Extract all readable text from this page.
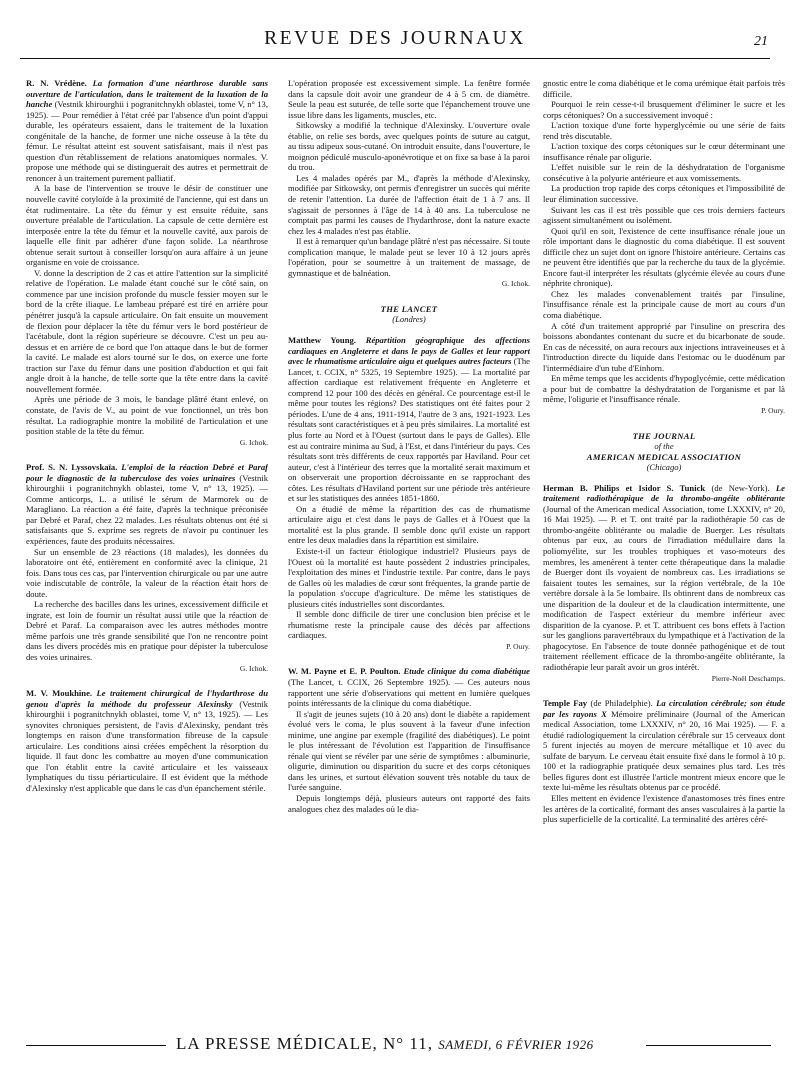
REVUE DES JOURNAUX	21

R. N. Vrédène. La formation d'une néarthrose durable sans ouverture de l'articulation, dans le traitement de la luxation de la hanche (Vestnik khirourghii i pogranitchnykh oblastei, tome V, n° 13, 1925). — Pour remédier à l'état créé par l'absence d'un point d'appui durable, les opérateurs essaient, dans le traitement de la luxation congénitale de la hanche, de former une niche osseuse à la tête du fémur. Le résultat atteint est souvent satisfaisant, mais il n'est pas question d'un rétablissement de relations anatomiques normales. V. propose une méthode qui se distinguerait des autres et permettrait de renoncer à un traitement purement palliatif.

A la base de l'intervention se trouve le désir de constituer une nouvelle cavité cotyloïde à la proximité de l'ancienne, qui est dans un état rudimentaire. La tête du fémur y est ensuite réduite, sans ouverture préalable de l'articulation. La capsule de cette dernière est interposée entre la tête du fémur et la nouvelle cavité, aux parois de laquelle elle finit par adhérer d'une façon solide. La néarthrose obtenue serait surtout à conseiller lorsqu'on aura affaire à un jeune organisme en voie de croissance.

V. donne la description de 2 cas et attire l'attention sur la simplicité relative de l'opération. Le malade étant couché sur le côté sain, on commence par une incision profonde du muscle fessier moyen sur le bord de la crête iliaque. Le lambeau préparé est tiré en arrière pour pénétrer jusqu'à la capsule articulaire. On fait ensuite un mouvement de flexion pour déplacer la tête du fémur vers le bord postérieur de l'acétabule, dont la région supérieure se découvre. C'est un peu au-dessus et en arrière de ce bord que l'on attaque dans le but de former la cavité. Le malade est alors tourné sur le dos, on exerce une forte traction sur l'axe du fémur dans une position d'abduction et qui fait angle droit à la hanche, de telle sorte que la tête entre dans la cavité nouvellement formée.

Après une période de 3 mois, le bandage plâtré étant enlevé, on constate, de l'avis de V., au point de vue fonctionnel, un très bon résultat. La radiographie montre la mobilité de l'articulation et une position stable de la tête du fémur.

G. Ichok.

Prof. S. N. Lyssovskaïa. L'emploi de la réaction Debré et Paraf pour le diagnostic de la tuberculose des voies urinaires (Vestnik khirourghii i pogranitchnykh oblastei, tome V, n° 13, 1925). — Comme anticorps, L. a utilisé le sérum de Marmorek ou de Maragliano. La réaction a été faite, d'après la technique préconisée par Debré et Paraf, chez 22 malades. Les résultats obtenus ont été si satisfaisants que S. exprime ses regrets de n'avoir pu continuer les expériences, faute des produits nécessaires.

Sur un ensemble de 23 réactions (18 malades), les données du laboratoire ont été, entièrement en conformité avec la clinique, 21 fois. Dans tous ces cas, par l'intervention chirurgicale ou par une autre voie indiscutable de contrôle, la valeur de la réaction était hors de doute.

La recherche des bacilles dans les urines, excessivement difficile et ingrate, est loin de fournir un résultat aussi utile que la réaction de Debré et Paraf. La comparaison avec les autres méthodes montre même parfois une très grande sensibilité que l'on ne rencontre point dans les divers procédés mis en pratique pour dépister la tuberculose des voies urinaires.

G. Ichok.

M. V. Moukhine. Le traitement chirurgical de l'hydarthrose du genou d'après la méthode du professeur Alexinsky (Vestnik khirourghii i pogranitchnykh oblastei, tome V, n° 13, 1925). — Les synovites chroniques persistent, de l'avis d'Alexinsky, pendant très longtemps en raison d'une transformation fibreuse de la capsule articulaire. Les conditions ainsi créées empêchent la résorption du liquide. Il faut donc les combattre au moyen d'une communication que l'on établit entre la cavité articulaire et les vaisseaux lymphatiques du tissu périarticulaire. Il est évident que la méthode d'Alexinsky n'est applicable que dans le cas d'un épanchement stérile.

L'opération proposée est excessivement simple. La fenêtre formée dans la capsule doit avoir une grandeur de 4 à 5 cm. de diamètre. Seule la peau est suturée, de telle sorte que l'épanchement trouve une issue libre dans les ligaments, muscles, etc.

Sitkowsky a modifié la technique d'Alexinsky. L'ouverture ovale établie, on relie ses bords, avec quelques points de suture au catgut, au tissu adipeux sous-cutané. On introduit ensuite, dans l'ouverture, le moignon pédiculé musculo-aponévrotique et on fixe sa base à la paroi du trou.

Les 4 malades opérés par M., d'après la méthode d'Alexinsky, modifiée par Sitkowsky, ont permis d'enregistrer un succès qui mérite de retenir l'attention. La durée de l'affection était de 1 à 7 ans. Il s'agissait de personnes à l'âge de 14 à 40 ans. La tuberculose ne comptait pas parmi les causes de l'hydarthrose, dont la nature exacte chez les 4 malades n'est pas établie.

Il est à remarquer qu'un bandage plâtré n'est pas nécessaire. Si toute complication manque, le malade peut se lever 10 à 12 jours après l'opération, pour se soumettre à un traitement de massage, de gymnastique et de balnéation.

G. Ichok.

THE LANCET
(Londres)

Matthew Young. Répartition géographique des affections cardiaques en Angleterre et dans le pays de Galles et leur rapport avec le rhumatisme articulaire aigu et quelques autres facteurs (The Lancet, t. CCIX, n° 5325, 19 Septembre 1925). — La mortalité par affection cardiaque est relativement fréquente en Angleterre et comprend 12 pour 100 des décès en général. Ce pourcentage est-il le même pour toutes les régions? Des statistiques ont été faites pour 2 périodes. L'une de 4 ans, 1911-1914, l'autre de 3 ans, 1921-1923. Les résultats sont caractéristiques et à peu près similaires. La mortalité est plus forte au Nord et à l'Ouest (surtout dans le pays de Galles). Elle est au contraire minima au Sud, à l'Est, et dans l'intérieur du pays. Ces résultats sont très différents de ceux rapportés par Haviland. Pour cet auteur, c'est à l'intérieur des terres que la mortalité serait maximum et on observerait une proportion décroissante en se rapprochant des côtes. Les résultats d'Haviland portent sur une période très antérieure et sur les statistiques des années 1851-1860.

On a étudié de même la répartition des cas de rhumatisme articulaire aigu et c'est dans le pays de Galles et à l'Ouest que la mortalité est la plus grande. Il semble donc qu'il existe un rapport entre les deux maladies dans la répartition est similaire.

Existe-t-il un facteur étiologique industriel? Plusieurs pays de l'Ouest où la mortalité est haute possèdent 2 industries principales, l'exploitation des mines et l'industrie textile. Par contre, dans le pays de Galles où les maladies de cœur sont fréquentes, la grande partie de la population s'occupe d'agriculture. De même les statistiques de plusieurs cités industrielles sont discordantes.

Il semble donc difficile de tirer une conclusion bien précise et le rhumatisme reste la principale cause des décès par affections cardiaques.

P. Oury.

W. M. Payne et E. P. Poulton. Etude clinique du coma diabétique (The Lancet, t. CCIX, 26 Septembre 1925). — Ces auteurs nous rapportent une série d'observations qui mettent en lumière quelques points intéressants de la clinique du coma diabétique.

Il s'agit de jeunes sujets (10 à 20 ans) dont le diabète a rapidement évolué vers le coma, le plus souvent à la faveur d'une infection minime, une angine par exemple (fragilité des diabétiques). Le point le plus intéressant de l'évolution est l'apparition de l'insuffisance rénale qui vient se révéler par une série de symptômes : albuminurie, oligurie, diminution ou disparition du sucre et des corps cétoniques dans les urines, et surtout élévation souvent très notable du taux de l'urée sanguine.

Depuis longtemps déjà, plusieurs auteurs ont rapporté des faits analogues chez des malades où le dia-

gnostic entre le coma diabétique et le coma urémique était parfois très difficile.

Pourquoi le rein cesse-t-il brusquement d'éliminer le sucre et les corps cétoniques? On a successivement invoqué :

L'action toxique d'une forte hyperglycémie ou une série de faits rend très discutable.

L'action toxique des corps cétoniques sur le cœur déterminant une insuffisance rénale par oligurie.

L'effet nuisible sur le rein de la déshydratation de l'organisme consécutive à la polyurie antérieure et aux vomissements.

La production trop rapide des corps cétoniques et l'impossibilité de leur élimination successive.

Suivant les cas il est très possible que ces trois derniers facteurs agissent simultanément ou isolément.

Quoi qu'il en soit, l'existence de cette insuffisance rénale joue un rôle important dans le diagnostic du coma diabétique. Il est souvent difficile chez un sujet dont on ignore l'histoire antérieure. Certains cas ne peuvent être identifiés que par la recherche du taux de la glycémie. Encore faut-il interpréter les résultats (glycémie élevée au cours d'une néphrite chronique).

Chez les malades convenablement traités par l'insuline, l'insuffisance rénale est la principale cause de mort au cours d'un coma diabétique.

A côté d'un traitement approprié par l'insuline on prescrira des boissons abondantes contenant du sucre et du bicarbonate de soude. En cas de nécessité, on aura recours aux injections intraveineuses et à l'introduction directe du liquide dans l'estomac ou le duodénum par l'intermédiaire d'un tube d'Einhorn.

En même temps que les accidents d'hypoglycémie, cette médication a pour but de combattre la déshydratation de l'organisme et par là même, l'oligurie et l'insuffisance rénale.

P. Oury.

THE JOURNAL
of the
AMERICAN MEDICAL ASSOCIATION
(Chicago)

Herman B. Philips et Isidor S. Tunick (de New-York). Le traitement radiothérapique de la thrombo-angéite oblitérante (Journal of the American medical Association, tome LXXXIV, n° 20, 16 Mai 1925). — P. et T. ont traité par la radiothérapie 50 cas de thrombo-angéite oblitérante ou maladie de Buerger. Les résultats obtenus par eux, au cours de l'irradiation médullaire dans la poliomyélite, sur les troubles trophiques et vaso-moteurs des membres, les amenèrent à tenter cette thérapeutique dans la maladie de Buerger dont ils voyaient de nombreux cas. Les irradiations se faisaient toutes les semaines, sur la région vertébrale, de la 10e vertèbre dorsale à la 5e lombaire. Ils obtinrent dans de nombreux cas une disparition de la douleur et de la claudication intermittente, une modification de l'aspect extérieur du membre inférieur avec disparition de la cyanose. P. et T. attribuent ces bons effets à l'action sur les ganglions paravertébraux du lympathique et à l'activation de la phagocytose. En l'absence de toute donnée pathogénique et de tout traitement réellement efficace de la thrombo-angéite oblitérante, la radiothérapie leur paraît avoir un gros intérêt.

Pierre-Noël Deschamps.

Temple Fay (de Philadelphie). La circulation cérébrale; son étude par les rayons X Mémoire préliminaire (Journal of the American medical Association, tome LXXXIV, n° 20, 16 Mai 1925). — F. a étudié radiologiquement la circulation cérébrale sur 15 cerveaux dont 5 furent injectés au moyen de mercure métallique et 10 avec du sulfate de baryum. Le cerveau était ensuite fixé dans le formol à 10 p. 100 et la radiographie pratiquée deux semaines plus tard. Les très belles figures dont est illustrée l'article montrent mieux encore que le texte lui-même les résultats obtenus par ce procédé.

Elles mettent en évidence l'existence d'anastomoses très fines entre les artères de la corticalité, formant des anses vasculaires à la partie la plus superficielle de la corticalité. La terminalité des artères céré-

LA PRESSE MÉDICALE, N° 11, SAMEDI, 6 FÉVRIER 1926
